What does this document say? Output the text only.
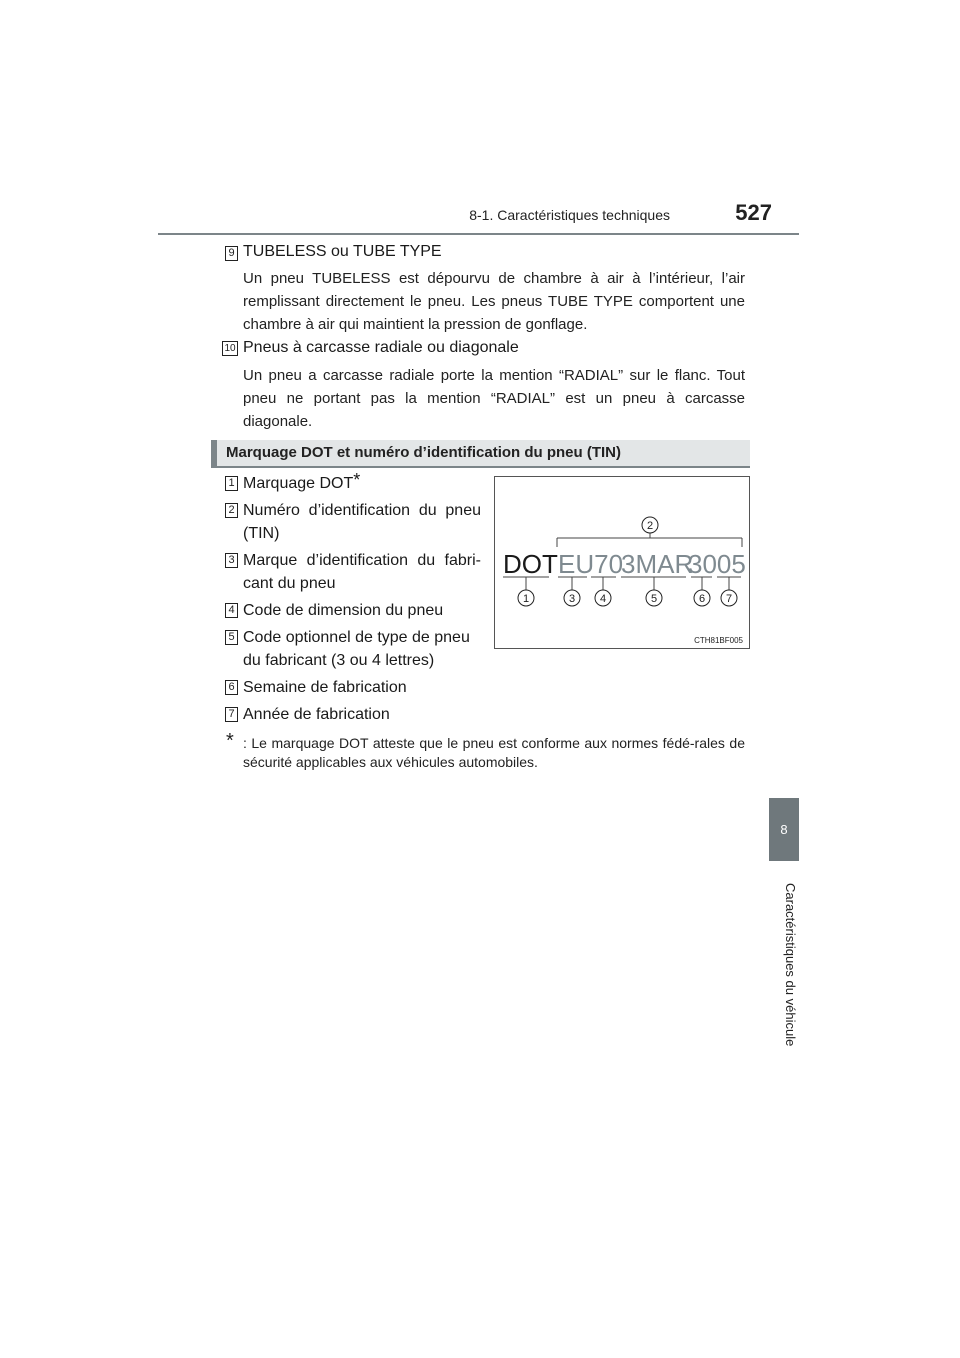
8-1. Caractéristiques techniques	527
8
Caractéristiques du véhicule
9 TUBELESS ou TUBE TYPE
Un pneu TUBELESS est dépourvu de chambre à air à l’intérieur, l’air remplissant directement le pneu. Les pneus TUBE TYPE comportent une chambre à air qui maintient la pression de gonflage.
10 Pneus à carcasse radiale ou diagonale
Un pneu a carcasse radiale porte la mention “RADIAL” sur le flanc. Tout pneu ne portant pas la mention “RADIAL” est un pneu à carcasse diagonale.
Marquage DOT et numéro d’identification du pneu (TIN)
1 Marquage DOT*
2 Numéro d’identification du pneu (TIN)
3 Marque d’identification du fabri-cant du pneu
4 Code de dimension du pneu
5 Code optionnel de type de pneu du fabricant (3 ou 4 lettres)
6 Semaine de fabrication
7 Année de fabrication
2
DOT EU70
3MAR
3005
1	3 4	5	6 7
CTH81BF005
* : Le marquage DOT atteste que le pneu est conforme aux normes fédé-rales de sécurité applicables aux véhicules automobiles.
